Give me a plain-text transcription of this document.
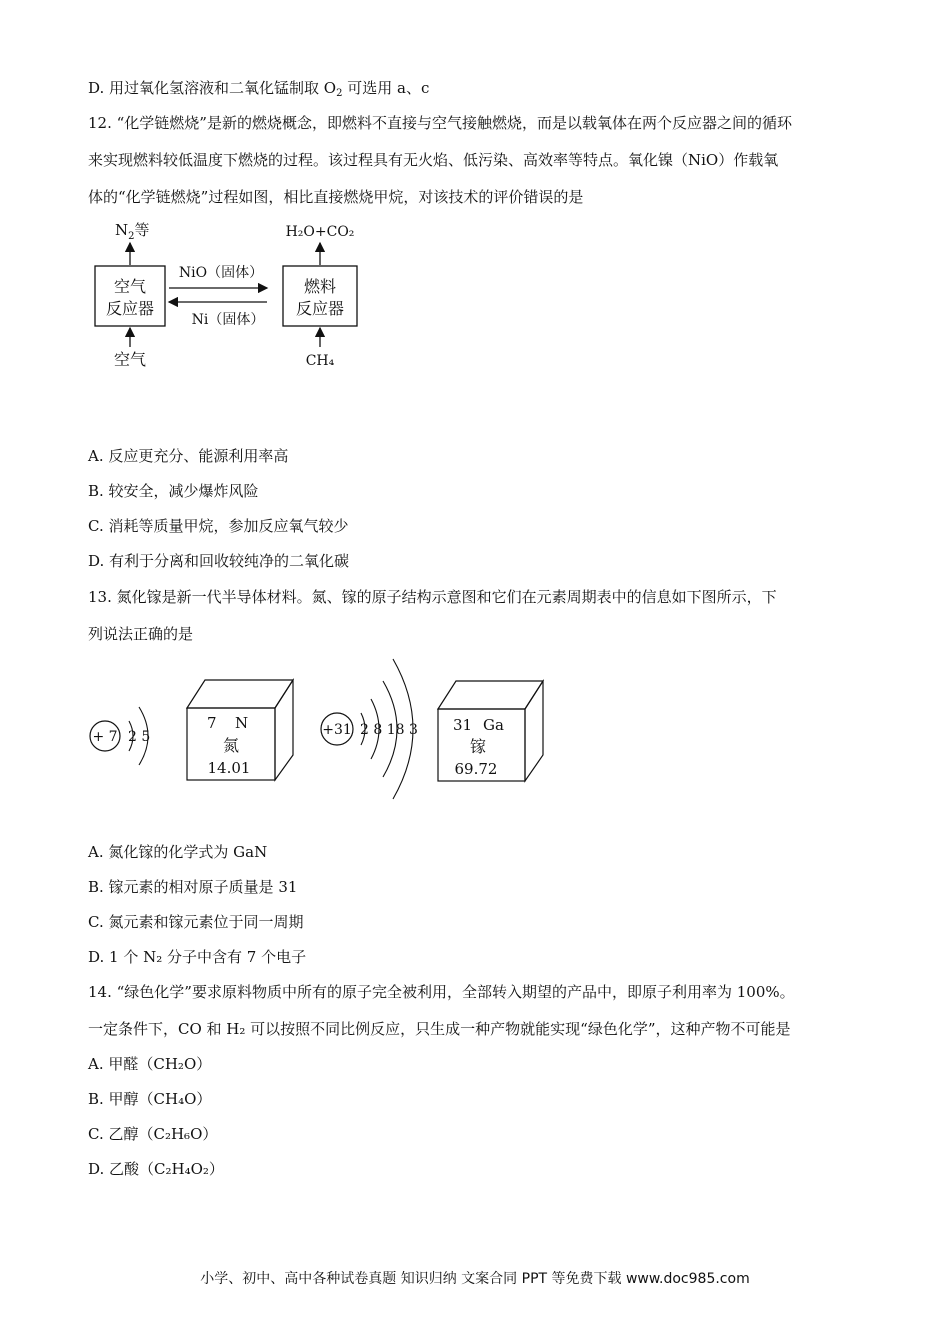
D. 用过氧化氢溶液和二氧化锰制取 $O_2$ 可选用 a、c
12. “化学链燃烧”是新的燃烧概念，即燃料不直接与空气接触燃烧，而是以载氧体在两个反应器之间的循环
来实现燃料较低温度下燃烧的过程。该过程具有无火焰、低污染、高效率等特点。氧化镍（NiO）作载氧
体的“化学链燃烧”过程如图，相比直接燃烧甲烷，对该技术的评价错误的是
$N_2$等
空气
反应器
空气
NiO（固体）
Ni（固体）
燃料
反应器
H₂O+CO₂
CH₄
A. 反应更充分、能源利用率高
B. 较安全，减少爆炸风险
C. 消耗等质量甲烷，参加反应氧气较少
D. 有利于分离和回收较纯净的二氧化碳
13. 氮化镓是新一代半导体材料。氮、镓的原子结构示意图和它们在元素周期表中的信息如下图所示，下
列说法正确的是
+ 7 2 5
7 N
氮
14.01
+31 2 8 18 3 31 Ga
镓
69.72
A. 氮化镓的化学式为 GaN
B. 镓元素的相对原子质量是 31
C. 氮元素和镓元素位于同一周期
D. 1 个 N₂ 分子中含有 7 个电子
14. “绿色化学”要求原料物质中所有的原子完全被利用，全部转入期望的产品中，即原子利用率为 100%。
一定条件下，CO 和 H₂ 可以按照不同比例反应，只生成一种产物就能实现“绿色化学”，这种产物不可能是
A. 甲醛（CH₂O）
B. 甲醇（CH₄O）
C. 乙醇（C₂H₆O）
D. 乙酸（C₂H₄O₂）
小学、初中、高中各种试卷真题 知识归纳 文案合同 PPT 等免费下载 www.doc985.com
